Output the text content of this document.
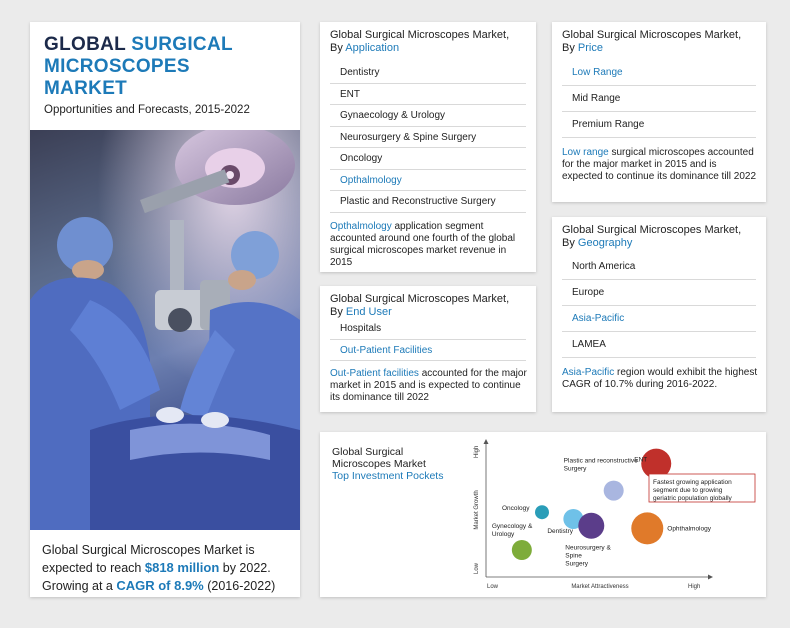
GLOBAL SURGICAL
MICROSCOPES
MARKET
Opportunities and Forecasts, 2015-2022
Global Surgical Microscopes Market is expected to reach $818 million by 2022.
Growing at a CAGR of 8.9% (2016-2022)
Global Surgical Microscopes Market,
By Application
Dentistry
ENT
Gynaecology & Urology
Neurosurgery & Spine Surgery
Oncology
Opthalmology
Plastic and Reconstructive Surgery
Opthalmology application segment accounted around one fourth of the global surgical microscopes market revenue in 2015
Global Surgical Microscopes Market,
By Price
Low Range
Mid Range
Premium Range
Low range surgical microscopes accounted for the major market in 2015 and is expected to continue its dominance till 2022
Global Surgical Microscopes Market,
By End User
Hospitals
Out-Patient Facilities
Out-Patient facilities accounted for the major market in 2015 and is expected to continue its dominance till 2022
Global Surgical Microscopes Market,
By Geography
North America
Europe
Asia-Pacific
LAMEA
Asia-Pacific region would exhibit the highest CAGR of 10.7% during 2016-2022.
Global Surgical
Microscopes Market
Top Investment Pockets
Low	High
Market Attractiveness
Low
High
Market Growth
ENT
Plastic and reconstructive Surgery
Oncology
Dentistry
Neurosurgery & Spine Surgery
Ophthalmology
Gynecology & Urology
Fastest growing application
segment due to growing
geriatric population globally
